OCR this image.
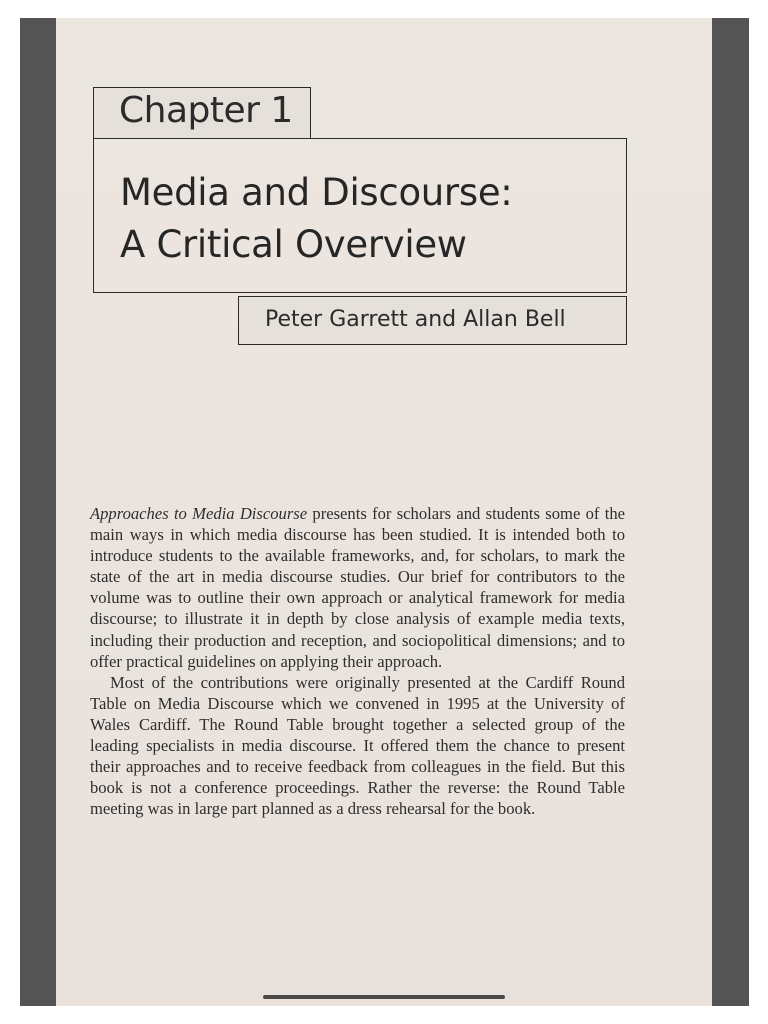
Chapter 1
Media and Discourse:
A Critical Overview
Peter Garrett and Allan Bell

Approaches to Media Discourse presents for scholars and students some of the main ways in which media discourse has been studied. It is intended both to introduce students to the available frameworks, and, for scholars, to mark the state of the art in media discourse studies. Our brief for contributors to the volume was to outline their own approach or analytical framework for media discourse; to illustrate it in depth by close analysis of example media texts, including their production and reception, and sociopolitical dimensions; and to offer practical guidelines on applying their approach.

Most of the contributions were originally presented at the Cardiff Round Table on Media Discourse which we convened in 1995 at the University of Wales Cardiff. The Round Table brought together a selected group of the leading specialists in media discourse. It offered them the chance to present their approaches and to receive feedback from colleagues in the field. But this book is not a conference proceedings. Rather the reverse: the Round Table meeting was in large part planned as a dress rehearsal for the book.
